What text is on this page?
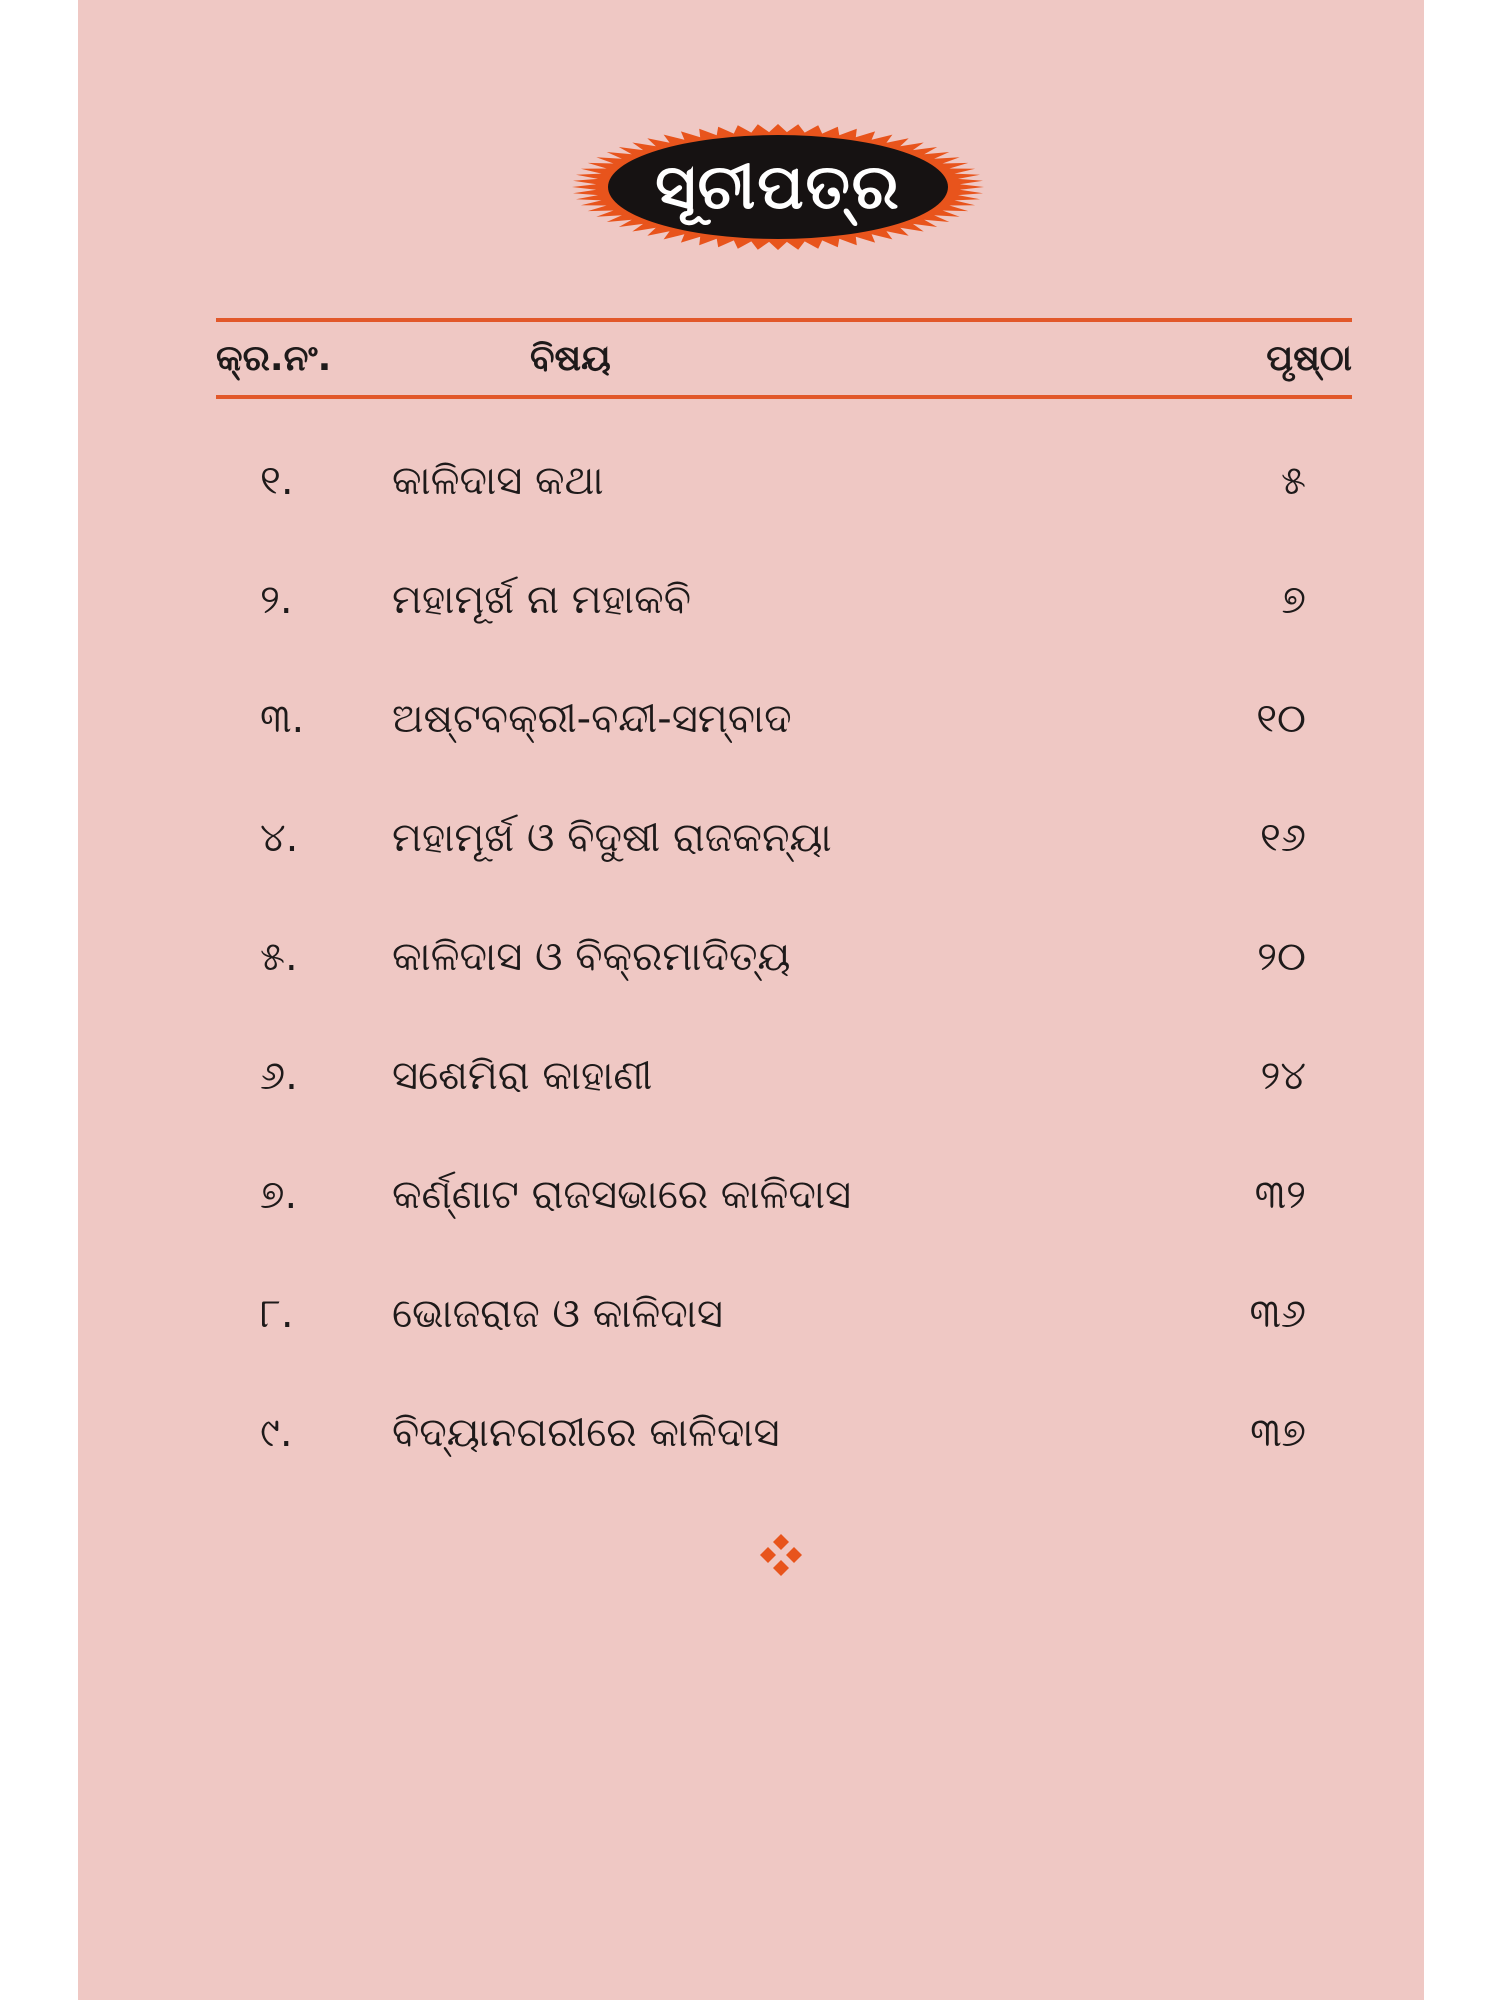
ସୂଚୀପତ୍ର
କ୍ର.ନଂ.	ବିଷୟ	ପୃଷ୍ଠା
୧. କାଳିଦାସ କଥା	୫
୨. ମହାମୂର୍ଖ ନା ମହାକବି	୭
୩. ଅଷ୍ଟବକ୍ରୀ-ବନ୍ଦୀ-ସମ୍ବାଦ	୧୦
୪. ମହାମୂର୍ଖ ଓ ବିଦୁଷୀ ରାଜକନ୍ୟା	୧୬
୫. କାଳିଦାସ ଓ ବିକ୍ରମାଦିତ୍ୟ	୨୦
୬. ସଶେମିରା କାହାଣୀ	୨୪
୭. କର୍ଣ୍ଣାଟ ରାଜସଭାରେ କାଳିଦାସ	୩୨
୮. ଭୋଜରାଜ ଓ କାଳିଦାସ	୩୬
୯. ବିଦ୍ୟାନଗରୀରେ କାଳିଦାସ	୩୭
